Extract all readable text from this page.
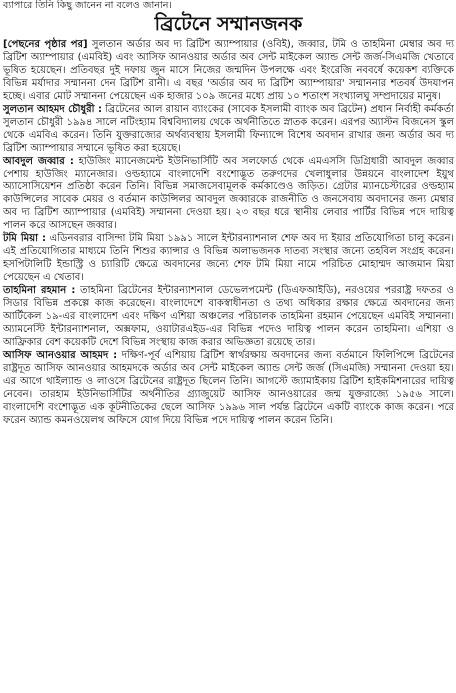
ব্যাপারে তিনি কিছু জানেন না বলেও জানান।

ব্রিটেনে সম্মানজনক

[পেছনের পৃষ্ঠার পর] সুলতান অর্ডার অব দ্য ব্রিটিশ অ্যাম্পায়ার (ওবিই), জব্বার, টমি ও তাহমিনা মেম্বার অব দ্য ব্রিটিশ অ্যাম্পায়ার (এমবিই) এবং আসিফ আনওয়ার অর্ডার অব সেন্ট মাইকেল অ্যান্ড সেন্ট জর্জ-সিএমজি খেতাবে ভূষিত হয়েছেন। প্রতিবছর দুই দফায় জুন মাসে নিজের জন্মদিন উপলক্ষে এবং ইংরেজি নববর্ষে কয়েকশ ব্যক্তিকে বিভিন্ন মর্যাদার সম্মাননা দেন ব্রিটিশ রানী। এ বছর 'অর্ডার অব দ্য ব্রিটিশ অ্যাম্পায়ার' সম্মাননার শতবর্ষ উদযাপন হচ্ছে। এবার মোট সম্মাননা পেয়েছেন এক হাজার ১০৯ জনের মধ্যে প্রায় ১০ শতাংশ সংখ্যালঘু সম্প্রদায়ের মানুষ।

সুলতান আহমদ চৌধুরী : ব্রিটেনের আল রায়ান ব্যাংকের (সাবেক ইসলামী ব্যাংক অব ব্রিটেন) প্রধান নির্বাহী কর্মকর্তা সুলতান চৌধুরী ১৯৯৪ সালে নটিংহ্যাম বিশ্ববিদ্যালয় থেকে অর্থনীতিতে স্নাতক করেন। এরপর অ্যাস্টন বিজনেস স্কুল থেকে এমবিএ করেন। তিনি যুক্তরাজ্যের অর্থব্যবস্থায় ইসলামী ফিন্যান্সে বিশেষ অবদান রাখার জন্য অর্ডার অব দ্য ব্রিটিশ অ্যাম্পায়ার সম্মানে ভূষিত করা হয়েছে।

আবদুল জব্বার : হাউজিং ম্যানেজমেন্ট ইউনিভার্সিটি অব সলফোর্ড থেকে এমএসসি ডিগ্রিধারী আবদুল জব্বার পেশায় হাউজিং ম্যানেজার। ওল্ডহ্যামে বাংলাদেশি বংশোদ্ভূত তরুণদের খেলাধুলার উন্নয়নে বাংলাদেশ ইয়ুথ অ্যাসোসিয়েশন প্রতিষ্ঠা করেন তিনি। বিভিন্ন সমাজসেবামূলক কর্মকাণ্ডেও জড়িত। গ্রেটার ম্যানচেস্টারের ওল্ডহ্যাম কাউন্সিলের সাবেক মেয়র ও বর্তমান কাউন্সিলর আবদুল জব্বারকে রাজনীতি ও জনসেবায় অবদানের জন্য মেম্বার অব দ্য ব্রিটিশ অ্যাম্পায়ার (এমবিই) সম্মাননা দেওয়া হয়। ২৩ বছর ধরে স্থানীয় লেবার পার্টির বিভিন্ন পদে দায়িত্ব পালন করে আসছেন জব্বার।

টমি মিয়া : এডিনবরার বাসিন্দা টমি মিয়া ১৯৯১ সালে ইন্টারন্যাশনাল শেফ অব দ্য ইয়ার প্রতিযোগিতা চালু করেন। এই প্রতিযোগিতার মাধ্যমে তিনি শিশুর ক্যান্সার ও বিভিন্ন অলাভজনক দাতব্য সংস্থার জন্যে তহবিল সংগ্রহ করেন। হসপিটালিটি ইন্ডাস্ট্রি ও চ্যারিটি ক্ষেত্রে অবদানের জন্যে শেফ টমি মিয়া নামে পরিচিত মোহাম্মদ আজমান মিয়া পেয়েছেন এ খেতাব।

তাহমিনা রহমান : তাহমিনা ব্রিটেনের ইন্টারন্যাশনাল ডেভেলপমেন্ট (ডিএফআইডি), নরওয়ের পররাষ্ট্র দফতর ও সিডার বিভিন্ন প্রকল্পে কাজ করেছেন। বাংলাদেশে বাকস্বাধীনতা ও তথ্য অধিকার রক্ষার ক্ষেত্রে অবদানের জন্য আর্টিকেল ১৯-এর বাংলাদেশ এবং দক্ষিণ এশিয়া অঞ্চলের পরিচালক তাহমিনা রহমান পেয়েছেন এমবিই সম্মাননা। অ্যামনেস্টি ইন্টারন্যাশনাল, অক্সফাম, ওয়াটারএইড-এর বিভিন্ন পদেও দায়িত্ব পালন করেন তাহমিনা। এশিয়া ও আফ্রিকার বেশ কয়েকটি দেশে বিভিন্ন সংস্থায় কাজ করার অভিজ্ঞতা রয়েছে তার।

আসিফ আনওয়ার আহমদ : দক্ষিণ-পূর্ব এশিয়ায় ব্রিটিশ স্বার্থরক্ষায় অবদানের জন্য বর্তমানে ফিলিপিন্সে ব্রিটেনের রাষ্ট্রদূত আসিফ আনওয়ার আহমদকে অর্ডার অব সেন্ট মাইকেল অ্যান্ড সেন্ট জর্জ (সিএমজি) সম্মাননা দেওয়া হয়। এর আগে থাইল্যান্ড ও লাওসে ব্রিটেনের রাষ্ট্রদূত ছিলেন তিনি। আগস্টে জ্যামাইকায় ব্রিটিশ হাইকমিশনারের দায়িত্ব নেবেন। তারহাম ইউনিভার্সিটির অর্থনীতির গ্র্যাজুয়েট আসিফ আনওয়ারের জন্ম যুক্তরাজ্যে ১৯৫৬ সালে। বাংলাদেশি বংশোদ্ভূত এক কূটনীতিকের ছেলে আসিফ ১৯৯৬ সাল পর্যন্ত ব্রিটেনে একটি ব্যাংকে কাজ করেন। পরে ফরেন অ্যান্ড কমনওয়েলথ অফিসে যোগ দিয়ে বিভিন্ন পদে দায়িত্ব পালন করেন তিনি।
